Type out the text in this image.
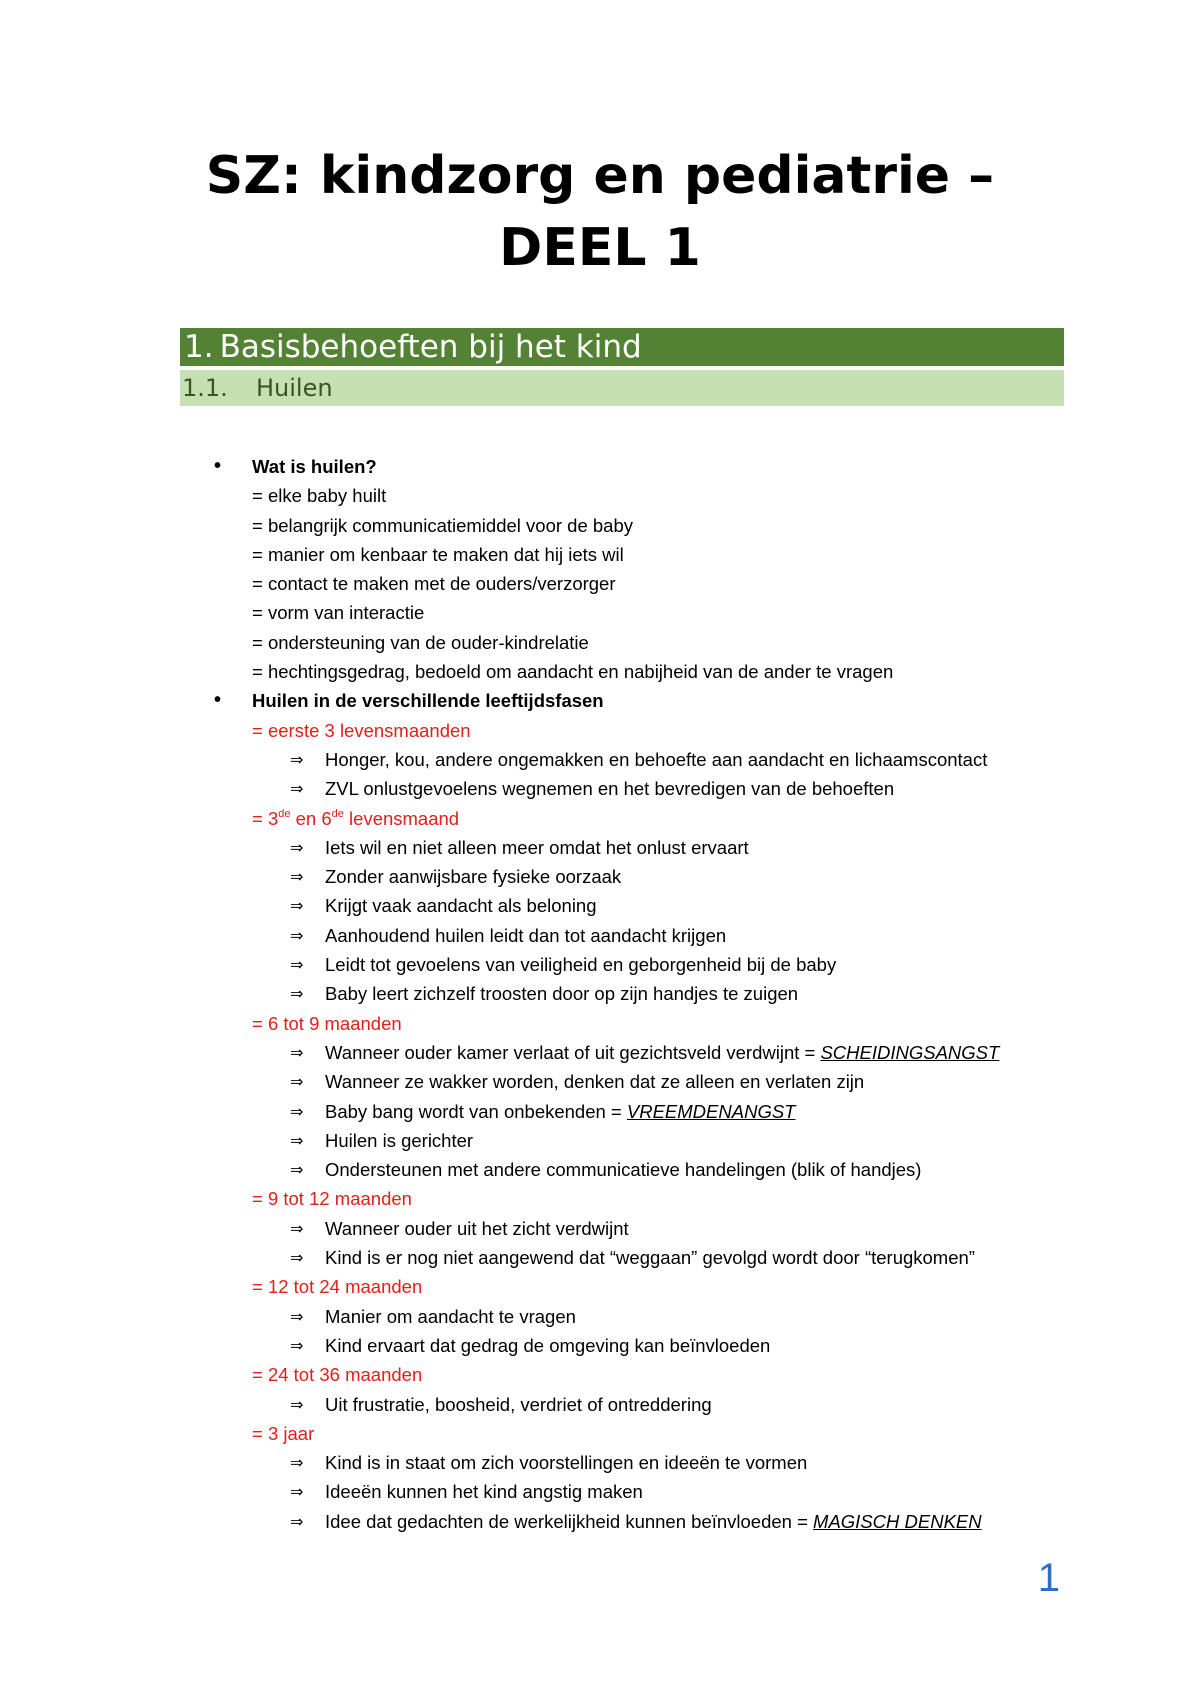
SZ: kindzorg en pediatrie –
DEEL 1
1. Basisbehoeften bij het kind
1.1. Huilen
• Wat is huilen?
= elke baby huilt
= belangrijk communicatiemiddel voor de baby
= manier om kenbaar te maken dat hij iets wil
= contact te maken met de ouders/verzorger
= vorm van interactie
= ondersteuning van de ouder-kindrelatie
= hechtingsgedrag, bedoeld om aandacht en nabijheid van de ander te vragen
• Huilen in de verschillende leeftijdsfasen
= eerste 3 levensmaanden
⇒ Honger, kou, andere ongemakken en behoefte aan aandacht en lichaamscontact
⇒ ZVL onlustgevoelens wegnemen en het bevredigen van de behoeften
= 3de en 6de levensmaand
⇒ Iets wil en niet alleen meer omdat het onlust ervaart
⇒ Zonder aanwijsbare fysieke oorzaak
⇒ Krijgt vaak aandacht als beloning
⇒ Aanhoudend huilen leidt dan tot aandacht krijgen
⇒ Leidt tot gevoelens van veiligheid en geborgenheid bij de baby
⇒ Baby leert zichzelf troosten door op zijn handjes te zuigen
= 6 tot 9 maanden
⇒ Wanneer ouder kamer verlaat of uit gezichtsveld verdwijnt = SCHEIDINGSANGST
⇒ Wanneer ze wakker worden, denken dat ze alleen en verlaten zijn
⇒ Baby bang wordt van onbekenden = VREEMDENANGST
⇒ Huilen is gerichter
⇒ Ondersteunen met andere communicatieve handelingen (blik of handjes)
= 9 tot 12 maanden
⇒ Wanneer ouder uit het zicht verdwijnt
⇒ Kind is er nog niet aangewend dat “weggaan” gevolgd wordt door “terugkomen”
= 12 tot 24 maanden
⇒ Manier om aandacht te vragen
⇒ Kind ervaart dat gedrag de omgeving kan beïnvloeden
= 24 tot 36 maanden
⇒ Uit frustratie, boosheid, verdriet of ontreddering
= 3 jaar
⇒ Kind is in staat om zich voorstellingen en ideeën te vormen
⇒ Ideeën kunnen het kind angstig maken
⇒ Idee dat gedachten de werkelijkheid kunnen beïnvloeden = MAGISCH DENKEN
1
